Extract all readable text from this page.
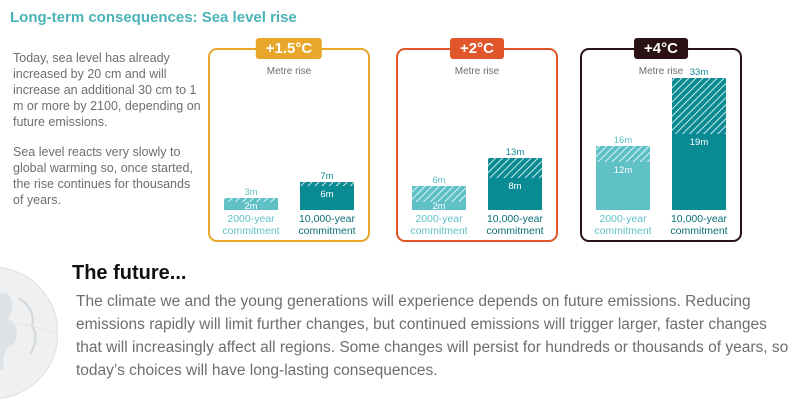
Long-term consequences: Sea level rise

Today, sea level has already increased by 20 cm and will increase an additional 30 cm to 1 m or more by 2100, depending on future emissions.

Sea level reacts very slowly to global warming so, once started, the rise continues for thousands of years.

+1.5°C
Metre rise
3m
2m
2000-year
commitment
7m
6m
10,000-year
commitment
+2°C
Metre rise
6m
2m
2000-year
commitment
13m
8m
10,000-year
commitment
+4°C
Metre rise
16m
12m
2000-year
commitment
33m
19m
10,000-year
commitment
The future...
The climate we and the young generations will experience depends on future emissions. Reducing emissions rapidly will limit further changes, but continued emissions will trigger larger, faster changes that will increasingly affect all regions. Some changes will persist for hundreds or thousands of years, so today’s choices will have long-lasting consequences.
